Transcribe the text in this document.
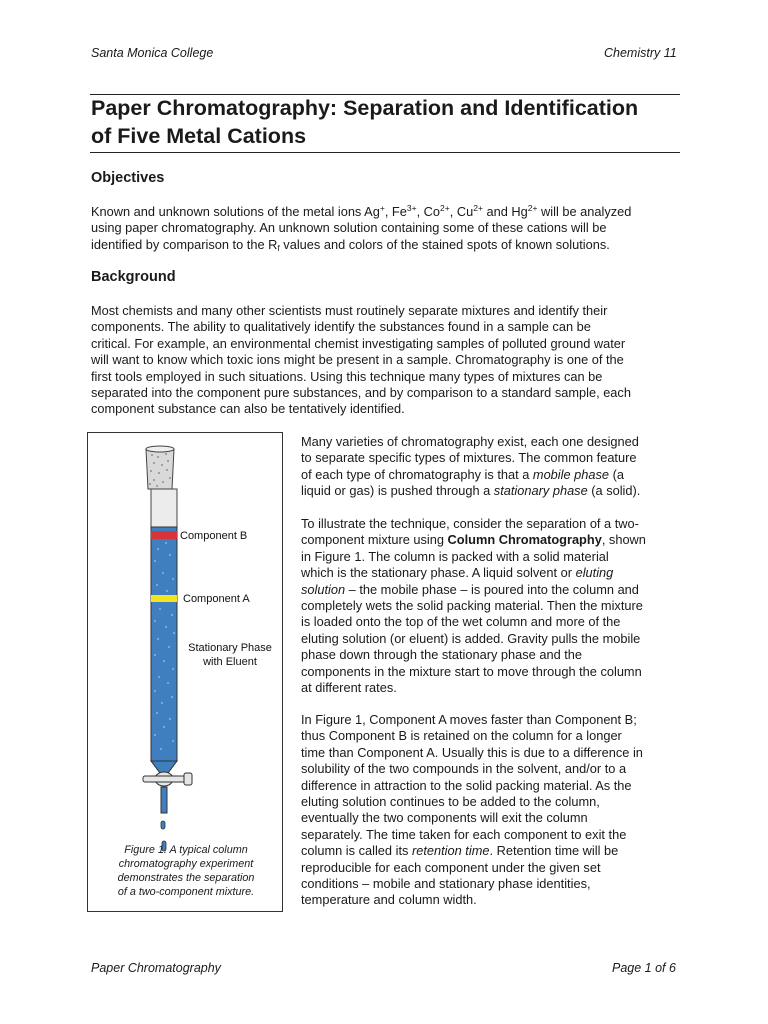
Santa Monica College	Chemistry 11
Paper Chromatography: Separation and Identification
of Five Metal Cations
Objectives

Known and unknown solutions of the metal ions Ag+, $Fe^{3+}$, $Co^{2+}$, $Cu^{2+}$ and $Hg^{2+}$ will be analyzed

using paper chromatography. An unknown solution containing some of these cations will be

identified by comparison to the $R_f$ values and colors of the stained spots of known solutions.

Background

Most chemists and many other scientists must routinely separate mixtures and identify their

components. The ability to qualitatively identify the substances found in a sample can be

critical. For example, an environmental chemist investigating samples of polluted ground water

will want to know which toxic ions might be present in a sample. Chromatography is one of the

first tools employed in such situations. Using this technique many types of mixtures can be

separated into the component pure substances, and by comparison to a standard sample, each

component substance can also be tentatively identified.

Component B
Component A
Stationary Phase
with Eluent
Figure 1. A typical column
chromatography experiment
demonstrates the separation
of a two-component mixture.

Many varieties of chromatography exist, each one designed

to separate specific types of mixtures. The common feature

of each type of chromatography is that a mobile phase (a

liquid or gas) is pushed through a stationary phase (a solid).

To illustrate the technique, consider the separation of a two-

component mixture using Column Chromatography, shown

in Figure 1. The column is packed with a solid material

which is the stationary phase. A liquid solvent or eluting

solution – the mobile phase – is poured into the column and

completely wets the solid packing material. Then the mixture

is loaded onto the top of the wet column and more of the

eluting solution (or eluent) is added. Gravity pulls the mobile

phase down through the stationary phase and the

components in the mixture start to move through the column

at different rates.

In Figure 1, Component A moves faster than Component B;

thus Component B is retained on the column for a longer

time than Component A. Usually this is due to a difference in

solubility of the two compounds in the solvent, and/or to a

difference in attraction to the solid packing material. As the

eluting solution continues to be added to the column,

eventually the two components will exit the column

separately. The time taken for each component to exit the

column is called its retention time. Retention time will be

reproducible for each component under the given set

conditions – mobile and stationary phase identities,

temperature and column width.

Paper Chromatography	Page 1 of 6
